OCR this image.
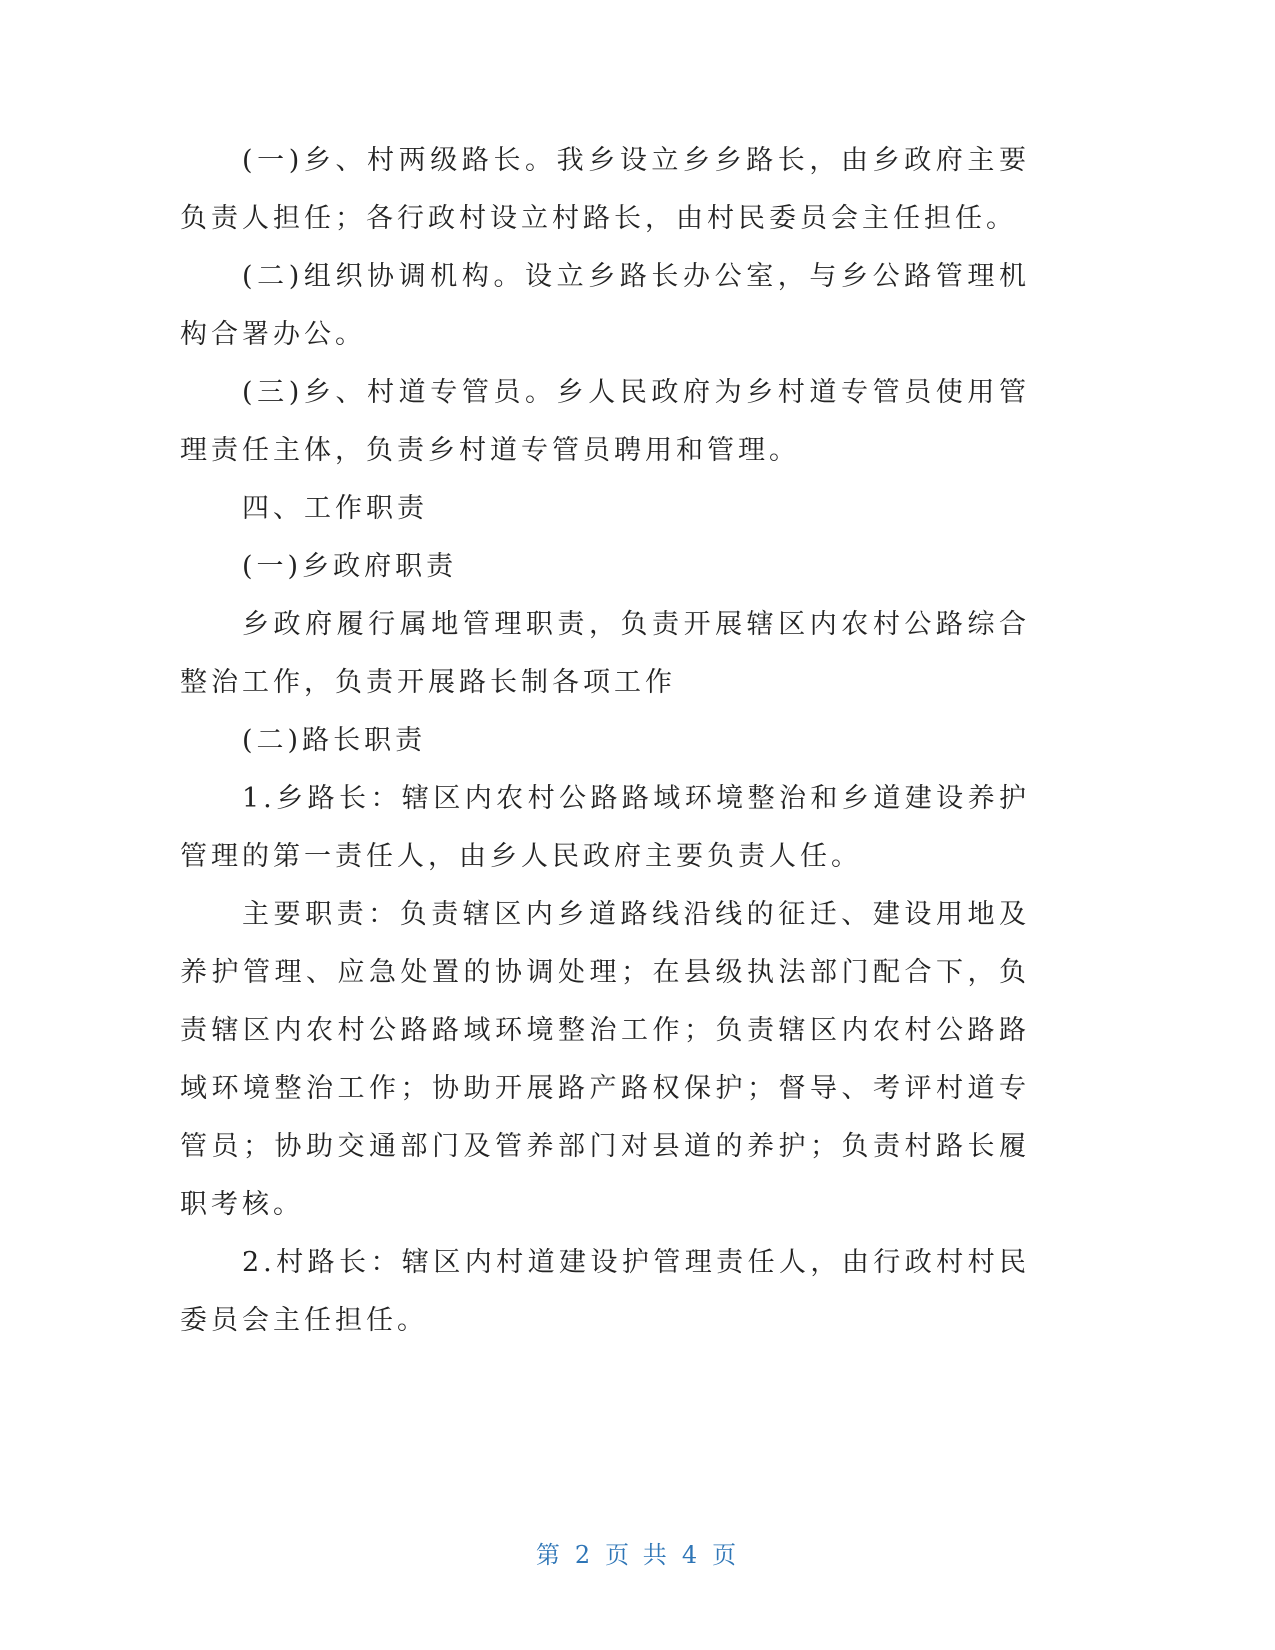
(一)乡、村两级路长。我乡设立乡乡路长，由乡政府主要负责人担任；各行政村设立村路长，由村民委员会主任担任。

(二)组织协调机构。设立乡路长办公室，与乡公路管理机构合署办公。

(三)乡、村道专管员。乡人民政府为乡村道专管员使用管理责任主体，负责乡村道专管员聘用和管理。

四、工作职责

(一)乡政府职责

乡政府履行属地管理职责，负责开展辖区内农村公路综合整治工作，负责开展路长制各项工作

(二)路长职责

1.乡路长：辖区内农村公路路域环境整治和乡道建设养护管理的第一责任人，由乡人民政府主要负责人任。

主要职责：负责辖区内乡道路线沿线的征迁、建设用地及养护管理、应急处置的协调处理；在县级执法部门配合下，负责辖区内农村公路路域环境整治工作；负责辖区内农村公路路域环境整治工作；协助开展路产路权保护；督导、考评村道专管员；协助交通部门及管养部门对县道的养护；负责村路长履职考核。

2.村路长：辖区内村道建设护管理责任人，由行政村村民委员会主任担任。

第 2 页 共 4 页
